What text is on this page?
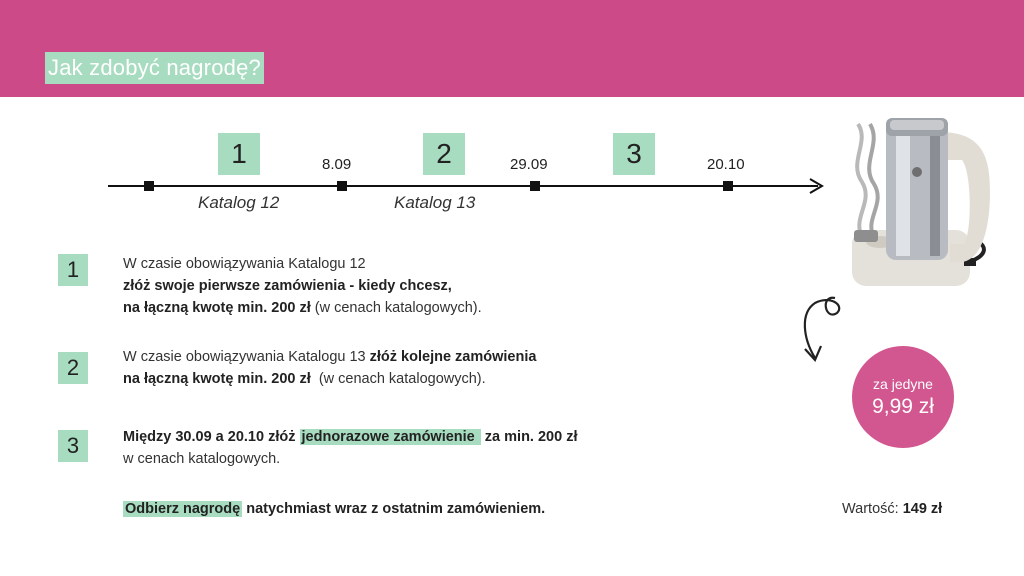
Jak zdobyć nagrodę?
1	2	3
8.09	29.09	20.10
Katalog 12	Katalog 13
1	W czasie obowiązywania Katalogu 12
złóż swoje pierwsze zamówienia - kiedy chcesz,
na łączną kwotę min. 200 zł (w cenach katalogowych).
2	W czasie obowiązywania Katalogu 13 złóż kolejne zamówienia
na łączną kwotę min. 200 zł  (w cenach katalogowych).
3	Między 30.09 a 20.10 złóż jednorazowe zamówienie  za min. 200 zł
w cenach katalogowych.
Odbierz nagrodę natychmiast wraz z ostatnim zamówieniem.
za jedyne
9,99 zł
Wartość: 149 zł
